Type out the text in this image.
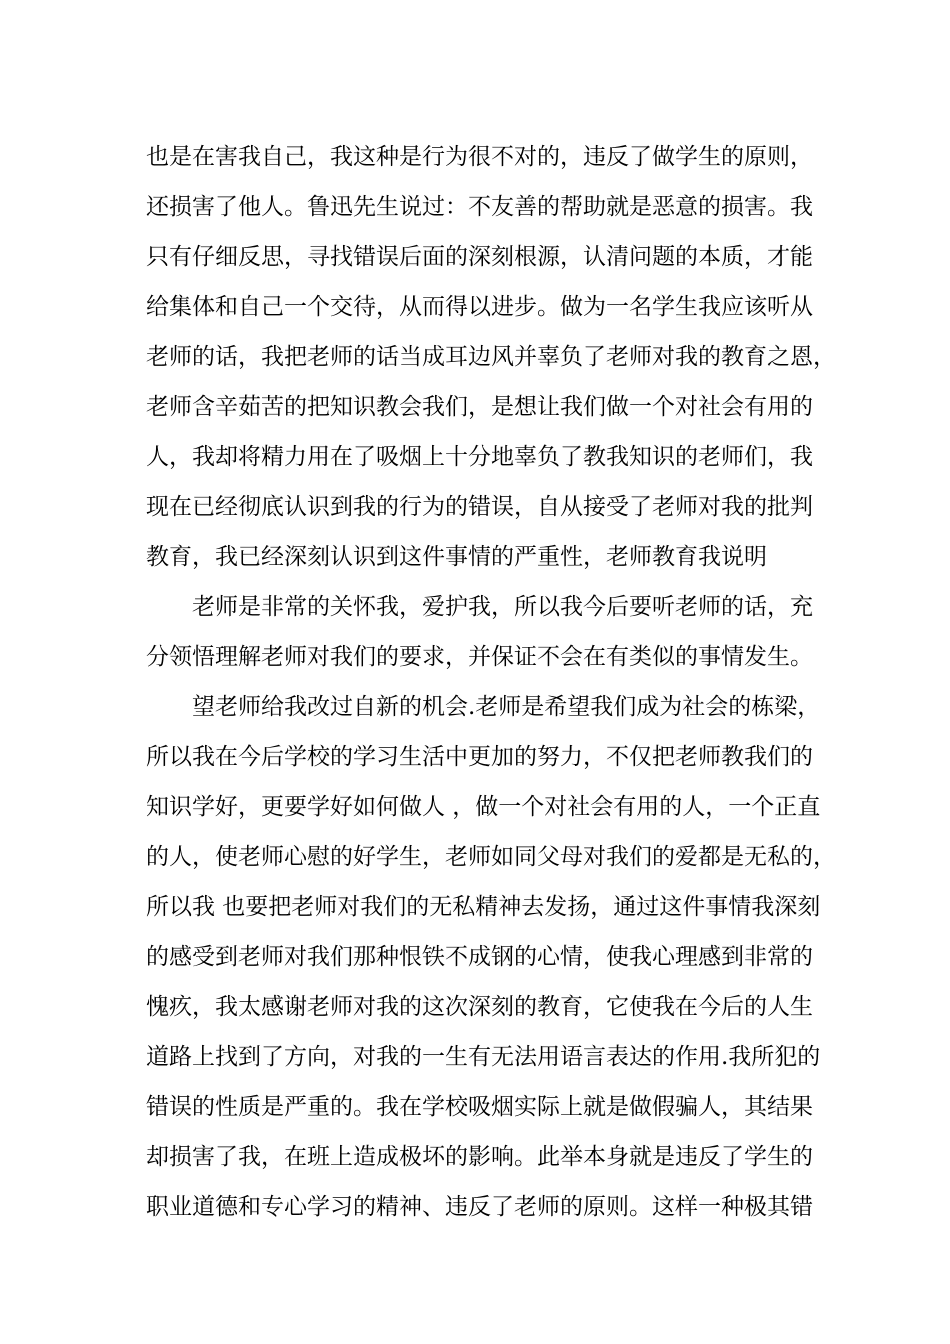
也是在害我自己，我这种是行为很不对的，违反了做学生的原则，
还损害了他人。鲁迅先生说过：不友善的帮助就是恶意的损害。我
只有仔细反思，寻找错误后面的深刻根源，认清问题的本质，才能
给集体和自己一个交待，从而得以进步。做为一名学生我应该听从
老师的话，我把老师的话当成耳边风并辜负了老师对我的教育之恩，
老师含辛茹苦的把知识教会我们，是想让我们做一个对社会有用的
人，我却将精力用在了吸烟上十分地辜负了教我知识的老师们，我
现在已经彻底认识到我的行为的错误，自从接受了老师对我的批判
教育，我已经深刻认识到这件事情的严重性，老师教育我说明
老师是非常的关怀我，爱护我，所以我今后要听老师的话，充
分领悟理解老师对我们的要求，并保证不会在有类似的事情发生。
望老师给我改过自新的机会.老师是希望我们成为社会的栋梁，
所以我在今后学校的学习生活中更加的努力，不仅把老师教我们的
知识学好，更要学好如何做人 ，做一个对社会有用的人，一个正直
的人，使老师心慰的好学生，老师如同父母对我们的爱都是无私的，
所以我 也要把老师对我们的无私精神去发扬，通过这件事情我深刻
的感受到老师对我们那种恨铁不成钢的心情，使我心理感到非常的
愧疚，我太感谢老师对我的这次深刻的教育，它使我在今后的人生
道路上找到了方向，对我的一生有无法用语言表达的作用.我所犯的
错误的性质是严重的。我在学校吸烟实际上就是做假骗人，其结果
却损害了我，在班上造成极坏的影响。此举本身就是违反了学生的
职业道德和专心学习的精神、违反了老师的原则。这样一种极其错
